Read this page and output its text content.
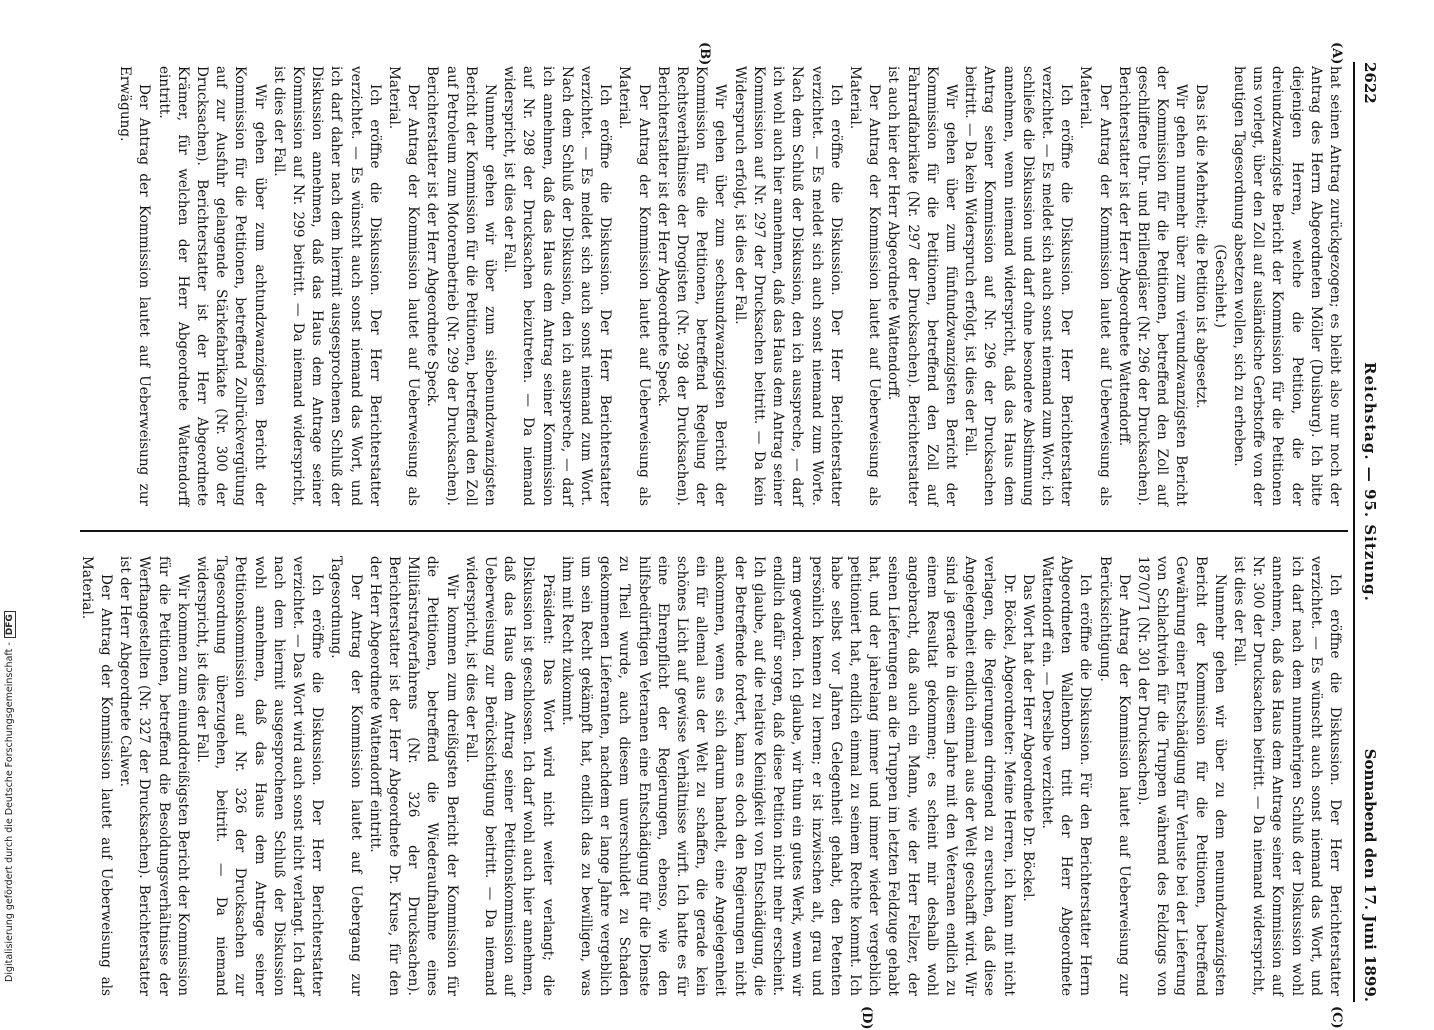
2622
Reichstag. — 95. Sitzung.
Sonnabend den 17. Juni 1899.
(A)
(B)
(C)
(D)

hat seinen Antrag zurückgezogen; es bleibt also nur noch der Antrag des Herrn Abgeordneten Möller (Duisburg). Ich bitte diejenigen Herren, welche die Petition, die der dreiundzwanzigste Bericht der Kommission für die Petitionen uns vorlegt, über den Zoll auf ausländische Gerbstoffe von der heutigen Tagesordnung absetzen wollen, sich zu erheben.

(Geschieht.)

Das ist die Mehrheit; die Petition ist abgesetzt.

Wir gehen nunmehr über zum vierundzwanzigsten Bericht der Kommission für die Petitionen, betreffend den Zoll auf geschliffene Uhr- und Brillengläser (Nr. 296 der Drucksachen). Berichterstatter ist der Herr Abgeordnete Wattendorff.

Der Antrag der Kommission lautet auf Ueberweisung als Material.

Ich eröffne die Diskussion. Der Herr Berichterstatter verzichtet. — Es meldet sich auch sonst niemand zum Wort; ich schließe die Diskussion und darf ohne besondere Abstimmung annehmen, wenn niemand widerspricht, daß das Haus dem Antrag seiner Kommission auf Nr. 296 der Drucksachen beitritt. — Da kein Widerspruch erfolgt, ist dies der Fall.

Wir gehen über zum fünfundzwanzigsten Bericht der Kommission für die Petitionen, betreffend den Zoll auf Fahrradfabrikate (Nr. 297 der Drucksachen). Berichterstatter ist auch hier der Herr Abgeordnete Wattendorff.

Der Antrag der Kommission lautet auf Ueberweisung als Material.

Ich eröffne die Diskussion. Der Herr Berichterstatter verzichtet. — Es meldet sich auch sonst niemand zum Worte. Nach dem Schluß der Diskussion, den ich ausspreche, — darf ich wohl auch hier annehmen, daß das Haus dem Antrag seiner Kommission auf Nr. 297 der Drucksachen beitritt. — Da kein Widerspruch erfolgt, ist dies der Fall.

Wir gehen über zum sechsundzwanzigsten Bericht der Kommission für die Petitionen, betreffend Regelung der Rechtsverhältnisse der Drogisten (Nr. 298 der Drucksachen). Berichterstatter ist der Herr Abgeordnete Speck.

Der Antrag der Kommission lautet auf Ueberweisung als Material.

Ich eröffne die Diskussion. Der Herr Berichterstatter verzichtet. — Es meldet sich auch sonst niemand zum Wort. Nach dem Schluß der Diskussion, den ich ausspreche, — darf ich annehmen, daß das Haus dem Antrag seiner Kommission auf Nr. 298 der Drucksachen beizutreten. — Da niemand widerspricht, ist dies der Fall.

Nunmehr gehen wir über zum siebenundzwanzigsten Bericht der Kommission für die Petitionen, betreffend den Zoll auf Petroleum zum Motorenbetrieb (Nr. 299 der Drucksachen). Berichterstatter ist der Herr Abgeordnete Speck.

Der Antrag der Kommission lautet auf Ueberweisung als Material.

Ich eröffne die Diskussion. Der Herr Berichterstatter verzichtet. — Es wünscht auch sonst niemand das Wort, und ich darf daher nach dem hiermit ausgesprochenen Schluß der Diskussion annehmen, daß das Haus dem Antrage seiner Kommission auf Nr. 299 beitritt. — Da niemand widerspricht, ist dies der Fall.

Wir gehen über zum achtundzwanzigsten Bericht der Kommission für die Petitionen, betreffend Zollrückvergütung auf zur Ausfuhr gelangende Stärkefabrikate (Nr. 300 der Drucksachen). Berichterstatter ist der Herr Abgeordnete Krämer, für welchen der Herr Abgeordnete Wattendorff eintritt.

Der Antrag der Kommission lautet auf Ueberweisung zur Erwägung.

Ich eröffne die Diskussion. Der Herr Berichterstatter verzichtet. — Es wünscht auch sonst niemand das Wort, und ich darf nach dem nunmehrigen Schluß der Diskussion wohl annehmen, daß das Haus dem Antrage seiner Kommission auf Nr. 300 der Drucksachen beitritt. — Da niemand widerspricht, ist dies der Fall.

Nunmehr gehen wir über zu dem neunundzwanzigsten Bericht der Kommission für die Petitionen, betreffend Gewährung einer Entschädigung für Verluste bei der Lieferung von Schlachtvieh für die Truppen während des Feldzugs von 1870/71 (Nr. 301 der Drucksachen).

Der Antrag der Kommission lautet auf Ueberweisung zur Berücksichtigung.

Ich eröffne die Diskussion. Für den Berichterstatter Herrn Abgeordneten Wallenborn tritt der Herr Abgeordnete Wattendorff ein. — Derselbe verzichtet.

Das Wort hat der Herr Abgeordnete Dr. Böckel.

Dr. Böckel, Abgeordneter: Meine Herren, ich kann mit nicht verlagen, die Regierungen dringend zu ersuchen, daß diese Angelegenheit endlich einmal aus der Welt geschafft wird. Wir sind ja gerade in diesem Jahre mit den Veteranen endlich zu einem Resultat gekommen; es scheint mir deshalb wohl angebracht, daß auch ein Mann, wie der Herr Fellzer, der seinen Lieferungen an die Truppen im letzten Feldzuge gehabt hat, und der jahrelang immer und immer wieder vergeblich petitioniert hat, endlich einmal zu seinem Rechte kommt. Ich habe selbst vor Jahren Gelegenheit gehabt, den Petenten persönlich kennen zu lernen; er ist inzwischen alt, grau und arm geworden. Ich glaube, wir thun ein gutes Werk, wenn wir endlich dafür sorgen, daß diese Petition nicht mehr erscheint. Ich glaube, auf die relative Kleinigkeit von Entschädigung, die der Betreffende fordert, kann es doch den Regierungen nicht ankommen, wenn es sich darum handelt, eine Angelegenheit ein für allemal aus der Welt zu schaffen, die gerade kein schönes Licht auf gewisse Verhältnisse wirft. Ich hatte es für eine Ehrenpflicht der Regierungen, ebenso, wie den hilfsbedürftigen Veteranen eine Entschädigung für die Dienste zu Theil wurde, auch diesem unverschuldet zu Schaden gekommenen Lieferanten, nachdem er lange Jahre vergeblich um sein Recht gekämpft hat, endlich das zu bewilligen, was ihm mit Recht zukommt.

Präsident: Das Wort wird nicht weiter verlangt; die Diskussion ist geschlossen. Ich darf wohl auch hier annehmen, daß das Haus dem Antrag seiner Petitionskommission auf Ueberweisung zur Berücksichtigung beitritt. — Da niemand widerspricht, ist dies der Fall.

Wir kommen zum dreißigsten Bericht der Kommission für die Petitionen, betreffend die Wiederaufnahme eines Militärstrafverfahrens (Nr. 326 der Drucksachen). Berichterstatter ist der Herr Abgeordnete Dr. Kruse, für den der Herr Abgeordnete Wattendorff eintritt.

Der Antrag der Kommission lautet auf Uebergang zur Tagesordnung.

Ich eröffne die Diskussion. Der Herr Berichterstatter verzichtet. — Das Wort wird auch sonst nicht verlangt. Ich darf nach dem hiermit ausgesprochenen Schluß der Diskussion wohl annehmen, daß das Haus dem Antrage seiner Petitionskommission auf Nr. 326 der Drucksachen zur Tagesordnung überzugehen, beitritt. — Da niemand widerspricht, ist dies der Fall.

Wir kommen zum einunddreißigsten Bericht der Kommission für die Petitionen, betreffend die Besoldungsverhältnisse der Werftangestellten (Nr. 327 der Drucksachen). Berichterstatter ist der Herr Abgeordnete Calwer.

Der Antrag der Kommission lautet auf Ueberweisung als Material.

Digitalisierung gefördert durch die Deutsche Forschungsgemeinschaft -DFG
